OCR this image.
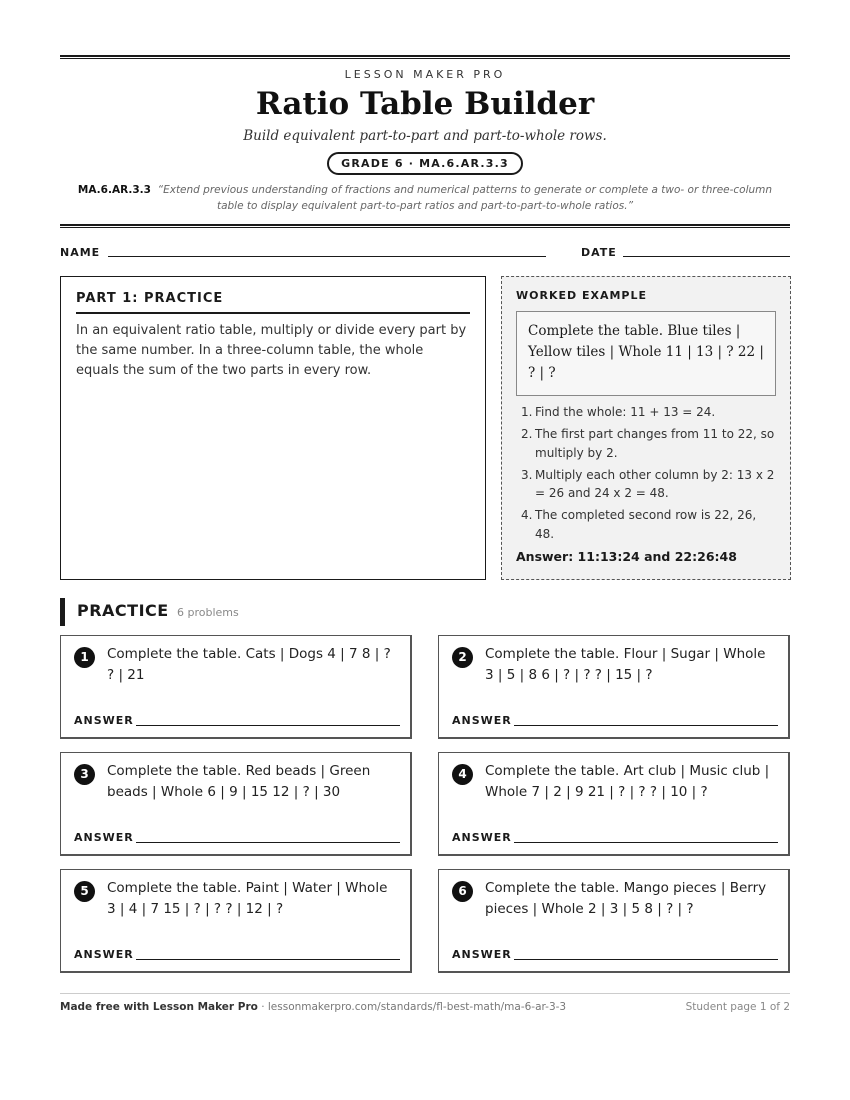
LESSON MAKER PRO
Ratio Table Builder
Build equivalent part-to-part and part-to-whole rows.
GRADE 6 · MA.6.AR.3.3
MA.6.AR.3.3 “Extend previous understanding of fractions and numerical patterns to generate or complete a two- or three-column table to display equivalent part-to-part ratios and part-to-part-to-whole ratios.”
NAME	DATE
PART 1: PRACTICE
In an equivalent ratio table, multiply or divide every part by the same number. In a three-column table, the whole equals the sum of the two parts in every row.
WORKED EXAMPLE
Complete the table. Blue tiles | Yellow tiles | Whole 11 | 13 | ? 22 | ? | ?
1. Find the whole: 11 + 13 = 24.
2. The first part changes from 11 to 22, so multiply by 2.
3. Multiply each other column by 2: 13 x 2 = 26 and 24 x 2 = 48.
4. The completed second row is 22, 26, 48.
Answer: 11:13:24 and 22:26:48
PRACTICE 6 problems
1	Complete the table. Cats | Dogs 4 | 7 8 | ? ? | 21
ANSWER
2	Complete the table. Flour | Sugar | Whole 3 | 5 | 8 6 | ? | ? ? | 15 | ?
ANSWER
3	Complete the table. Red beads | Green beads | Whole 6 | 9 | 15 12 | ? | 30
ANSWER
4	Complete the table. Art club | Music club | Whole 7 | 2 | 9 21 | ? | ? ? | 10 | ?
ANSWER
5	Complete the table. Paint | Water | Whole 3 | 4 | 7 15 | ? | ? ? | 12 | ?
ANSWER
6	Complete the table. Mango pieces | Berry pieces | Whole 2 | 3 | 5 8 | ? | ?
ANSWER
Made free with Lesson Maker Pro · lessonmakerpro.com/standards/fl-best-math/ma-6-ar-3-3	Student page 1 of 2
